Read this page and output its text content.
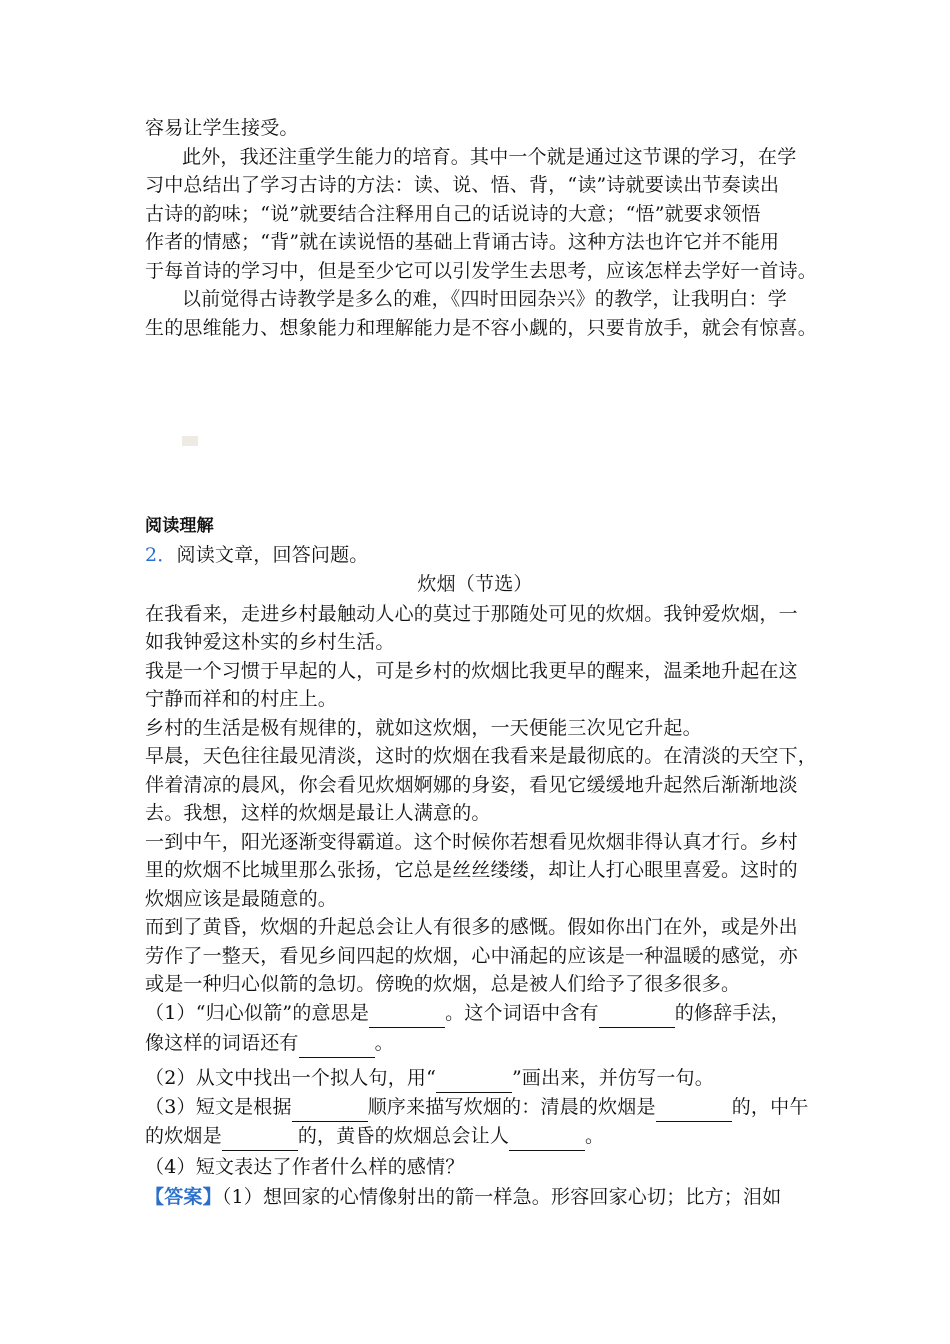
容易让学生接受。
此外，我还注重学生能力的培育。其中一个就是通过这节课的学习，在学
习中总结出了学习古诗的方法：读、说、悟、背，“读”诗就要读出节奏读出
古诗的韵味；“说”就要结合注释用自己的话说诗的大意；“悟”就要求领悟
作者的情感；“背”就在读说悟的基础上背诵古诗。这种方法也许它并不能用
于每首诗的学习中，但是至少它可以引发学生去思考，应该怎样去学好一首诗。
以前觉得古诗教学是多么的难，《四时田园杂兴》的教学，让我明白：学
生的思维能力、想象能力和理解能力是不容小觑的，只要肯放手，就会有惊喜。
阅读理解
2．阅读文章，回答问题。
炊烟（节选）
在我看来，走进乡村最触动人心的莫过于那随处可见的炊烟。我钟爱炊烟，一
如我钟爱这朴实的乡村生活。
我是一个习惯于早起的人，可是乡村的炊烟比我更早的醒来，温柔地升起在这
宁静而祥和的村庄上。
乡村的生活是极有规律的，就如这炊烟，一天便能三次见它升起。
早晨，天色往往最见清淡，这时的炊烟在我看来是最彻底的。在清淡的天空下，
伴着清凉的晨风，你会看见炊烟婀娜的身姿，看见它缓缓地升起然后渐渐地淡
去。我想，这样的炊烟是最让人满意的。
一到中午，阳光逐渐变得霸道。这个时候你若想看见炊烟非得认真才行。乡村
里的炊烟不比城里那么张扬，它总是丝丝缕缕，却让人打心眼里喜爱。这时的
炊烟应该是最随意的。
而到了黄昏，炊烟的升起总会让人有很多的感慨。假如你出门在外，或是外出
劳作了一整天，看见乡间四起的炊烟，心中涌起的应该是一种温暖的感觉，亦
或是一种归心似箭的急切。傍晚的炊烟，总是被人们给予了很多很多。
（1）“归心似箭”的意思是	。这个词语中含有	的修辞手法，
像这样的词语还有	。
（2）从文中找出一个拟人句，用“	”画出来，并仿写一句。
（3）短文是根据	顺序来描写炊烟的：清晨的炊烟是	的，中午
的炊烟是	的，黄昏的炊烟总会让人	。
（4）短文表达了作者什么样的感情？
【答案】（1）想回家的心情像射出的箭一样急。形容回家心切；比方；泪如
